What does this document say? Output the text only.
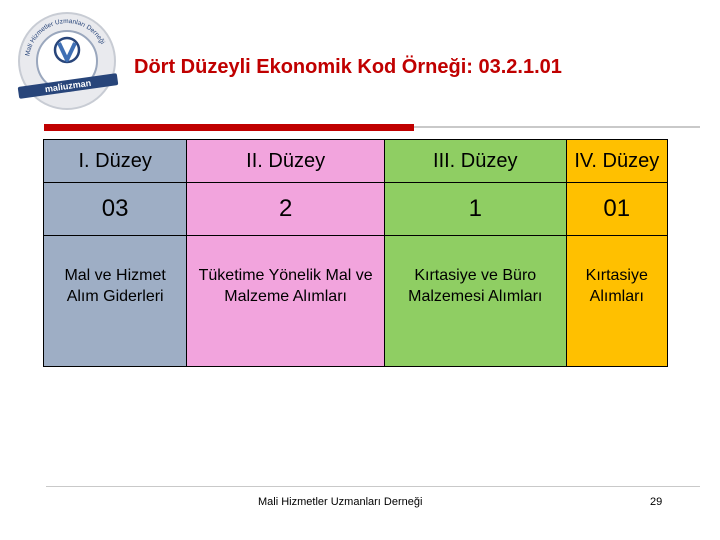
Mali Hizmetler Uzmanları Derneği
maliuzman
Dört Düzeyli Ekonomik Kod Örneği: 03.2.1.01
I. Düzey	II. Düzey	III. Düzey	IV. Düzey
03	2	1	01
Mal ve Hizmet Alım Giderleri	Tüketime Yönelik Mal ve Malzeme Alımları	Kırtasiye ve Büro Malzemesi Alımları	Kırtasiye Alımları
Mali Hizmetler Uzmanları Derneği	29
